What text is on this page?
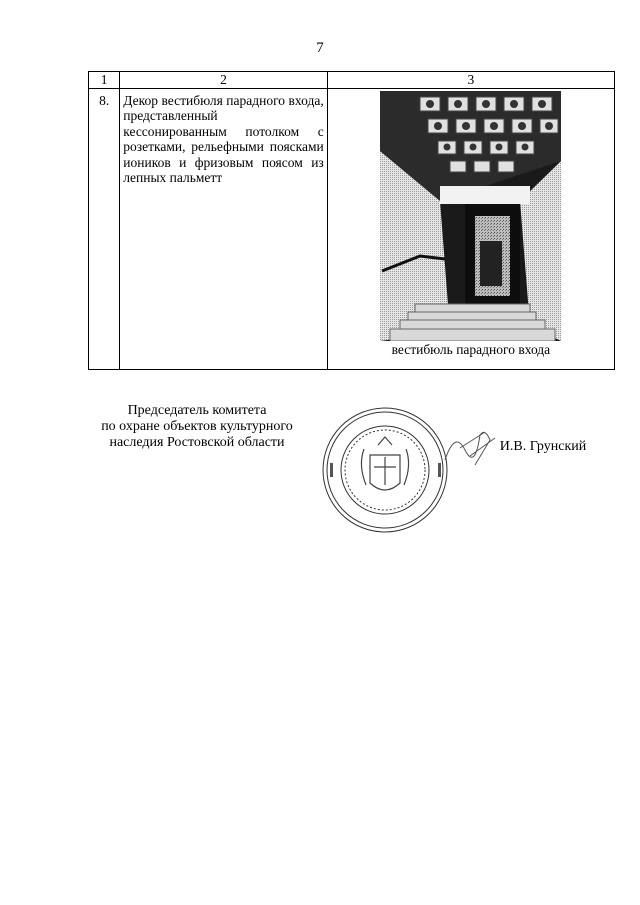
7
1	2	3
8.	Декор вестибюля парадного входа, представленный кессонированным потолком с розетками, рельефными поясками иоников и фризовым поясом из лепных пальметт	вестибюль парадного входа
Председатель комитета
по охране объектов культурного
наследия Ростовской области	И.В. Грунский
